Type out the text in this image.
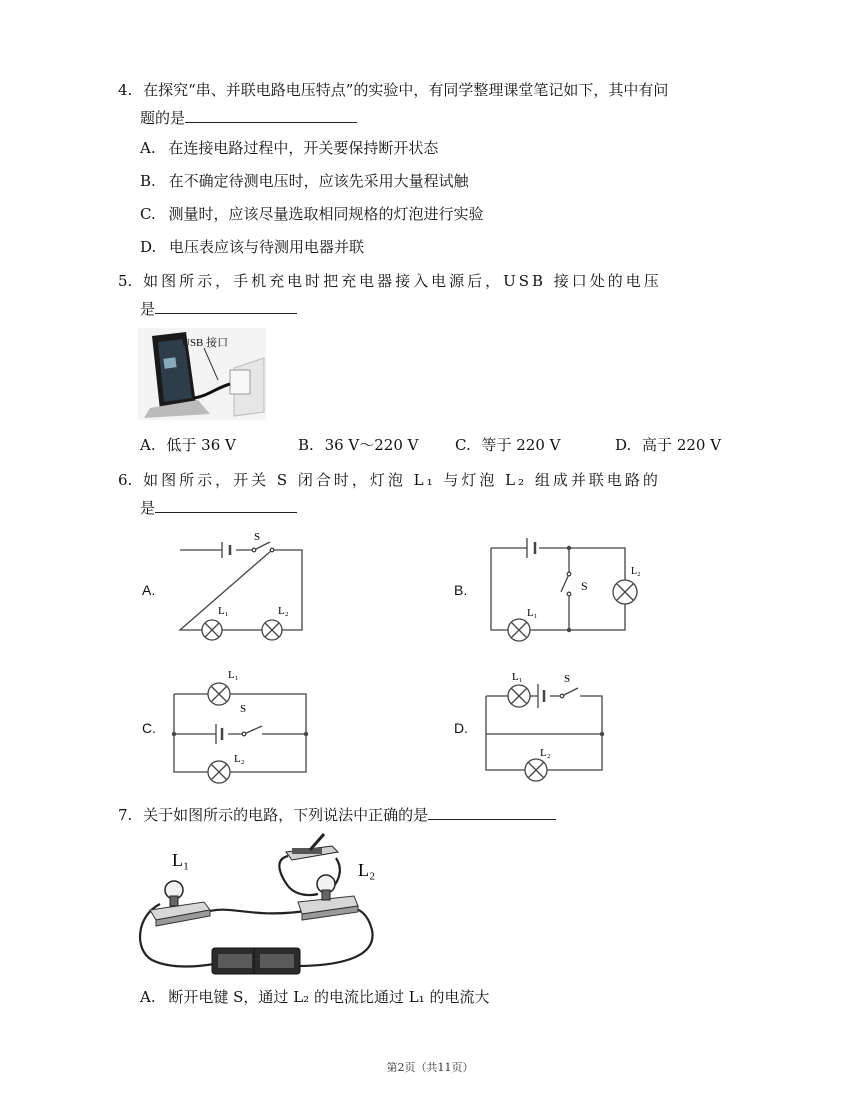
4. 在探究“串、并联电路电压特点”的实验中，有同学整理课堂笔记如下，其中有问
题的是
A. 在连接电路过程中，开关要保持断开状态
B. 在不确定待测电压时，应该先采用大量程试触
C. 测量时，应该尽量选取相同规格的灯泡进行实验
D. 电压表应该与待测用电器并联
5. 如图所示，手机充电时把充电器接入电源后，USB 接口处的电压
是
USB 接口
A. 低于 36 V	B. 36 V～220 V C. 等于 220 V	D. 高于 220 V
6. 如图所示，开关 S 闭合时，灯泡 L₁ 与灯泡 L₂ 组成并联电路的
是
A.	B.
C.	D.
S
L₁	L₂
S
L₁
L₂
L₁
S
L₂
L₁	S
L₂
7. 关于如图所示的电路，下列说法中正确的是
L₁	L₂
A. 断开电键 S，通过 L₂ 的电流比通过 L₁ 的电流大
第2页（共11页）
